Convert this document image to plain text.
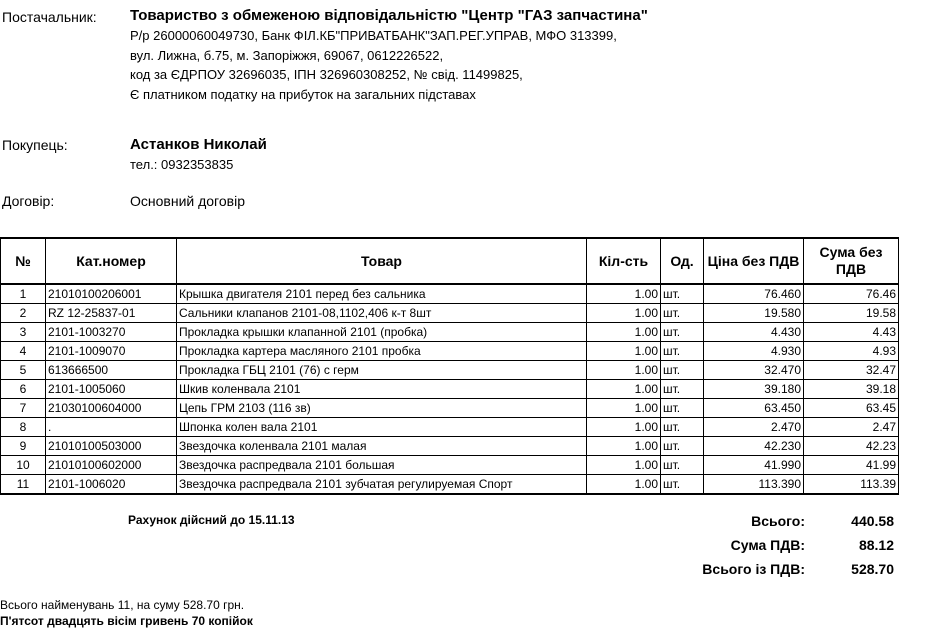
Постачальник: Товариство з обмеженою відповідальністю "Центр "ГАЗ запчастина"
Р/р 26000060049730, Банк ФІЛ.КБ"ПРИВАТБАНК"ЗАП.РЕГ.УПРАВ, МФО 313399,
вул. Лижна, б.75, м. Запоріжжя, 69067, 0612226522,
код за ЄДРПОУ 32696035, ІПН 326960308252, № свід. 11499825,
Є платником податку на прибуток на загальних підставах
Покупець:	Астанков Николай
тел.: 0932353835
Договір:	Основний договір
№	Кат.номер	Товар	Кіл-сть	Од.	Ціна без ПДВ	Сума без ПДВ
1	21010100206001	Крышка двигателя 2101 перед без сальника	1.00	шт.	76.460	76.46
2	RZ 12-25837-01	Сальники клапанов 2101-08,1102,406 к-т 8шт	1.00	шт.	19.580	19.58
3	2101-1003270	Прокладка крышки клапанной 2101 (пробка)	1.00	шт.	4.430	4.43
4	2101-1009070	Прокладка картера масляного 2101 пробка	1.00	шт.	4.930	4.93
5	613666500	Прокладка ГБЦ 2101 (76) с герм	1.00	шт.	32.470	32.47
6	2101-1005060	Шкив коленвала 2101	1.00	шт.	39.180	39.18
7	21030100604000	Цепь ГРМ 2103 (116 зв)	1.00	шт.	63.450	63.45
8	.	Шпонка колен вала 2101	1.00	шт.	2.470	2.47
9	21010100503000	Звездочка коленвала 2101 малая	1.00	шт.	42.230	42.23
10	21010100602000	Звездочка распредвала 2101 большая	1.00	шт.	41.990	41.99
11	2101-1006020	Звездочка распредвала 2101 зубчатая регулируемая Спорт	1.00	шт.	113.390	113.39
Рахунок дійсний до 15.11.13	Всього:	440.58
Сума ПДВ:	88.12
Всього із ПДВ:	528.70
Всього найменувань 11, на суму 528.70 грн.
П'ятсот двадцять вісім гривень 70 копійок
